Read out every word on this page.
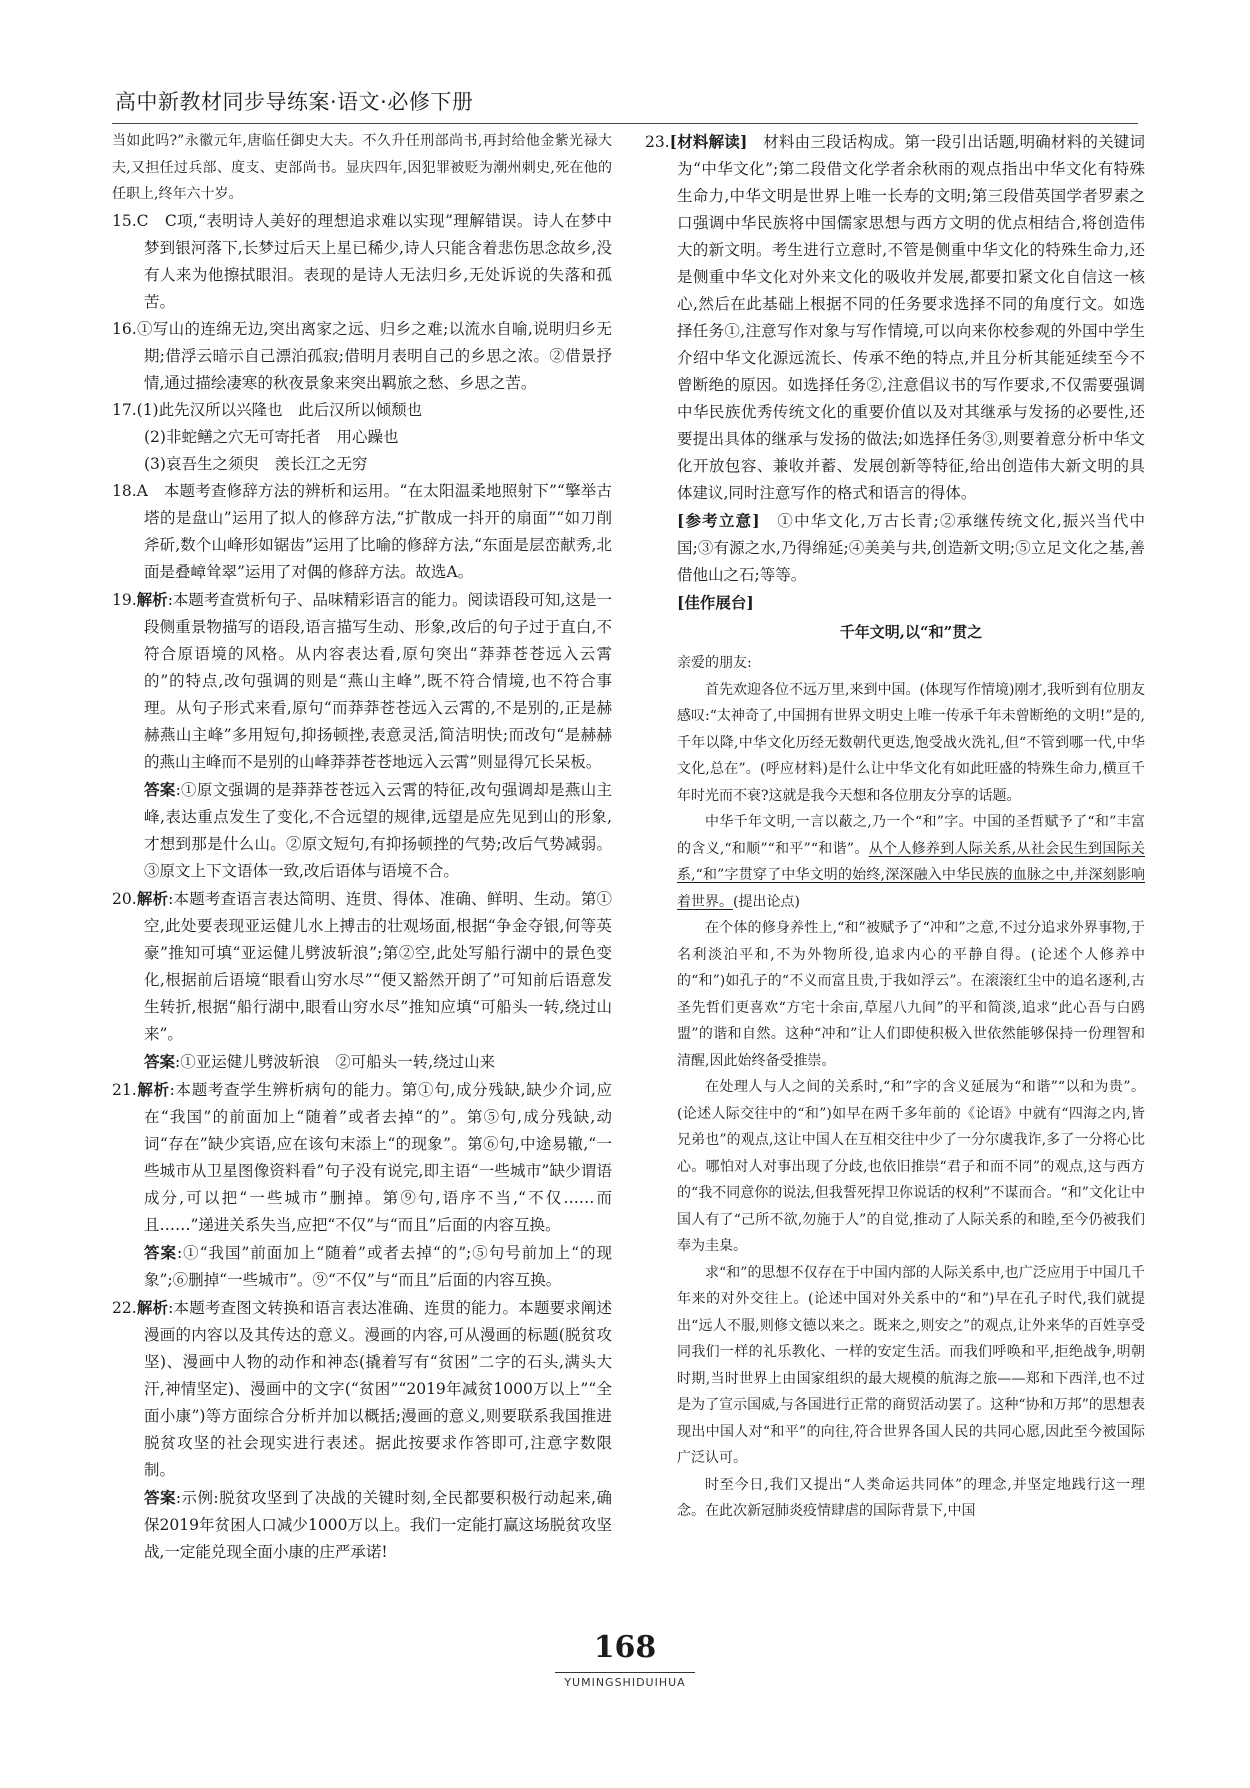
高中新教材同步导练案·语文·必修下册

当如此吗?”永徽元年,唐临任御史大夫。不久升任刑部尚书,再封给他金紫光禄大夫,又担任过兵部、度支、吏部尚书。显庆四年,因犯罪被贬为潮州刺史,死在他的任职上,终年六十岁。

15.C　C项,“表明诗人美好的理想追求难以实现”理解错误。诗人在梦中梦到银河落下,长梦过后天上星已稀少,诗人只能含着悲伤思念故乡,没有人来为他擦拭眼泪。表现的是诗人无法归乡,无处诉说的失落和孤苦。

16.①写山的连绵无边,突出离家之远、归乡之难;以流水自喻,说明归乡无期;借浮云暗示自己漂泊孤寂;借明月表明自己的乡思之浓。②借景抒情,通过描绘凄寒的秋夜景象来突出羁旅之愁、乡思之苦。

17.(1)此先汉所以兴隆也　此后汉所以倾颓也

(2)非蛇鳝之穴无可寄托者　用心躁也

(3)哀吾生之须臾　羡长江之无穷

18.A　本题考查修辞方法的辨析和运用。“在太阳温柔地照射下”“擎举古塔的是盘山”运用了拟人的修辞方法,“扩散成一抖开的扇面”“如刀削斧斫,数个山峰形如锯齿”运用了比喻的修辞方法,“东面是层峦献秀,北面是叠嶂耸翠”运用了对偶的修辞方法。故选A。

19.解析:本题考查赏析句子、品味精彩语言的能力。阅读语段可知,这是一段侧重景物描写的语段,语言描写生动、形象,改后的句子过于直白,不符合原语境的风格。从内容表达看,原句突出“莽莽苍苍远入云霄的”的特点,改句强调的则是“燕山主峰”,既不符合情境,也不符合事理。从句子形式来看,原句“而莽莽苍苍远入云霄的,不是别的,正是赫赫燕山主峰”多用短句,抑扬顿挫,表意灵活,简洁明快;而改句“是赫赫的燕山主峰而不是别的山峰莽莽苍苍地远入云霄”则显得冗长呆板。

答案:①原文强调的是莽莽苍苍远入云霄的特征,改句强调却是燕山主峰,表达重点发生了变化,不合远望的规律,远望是应先见到山的形象,才想到那是什么山。②原文短句,有抑扬顿挫的气势;改后气势减弱。③原文上下文语体一致,改后语体与语境不合。

20.解析:本题考查语言表达简明、连贯、得体、准确、鲜明、生动。第①空,此处要表现亚运健儿水上搏击的壮观场面,根据“争金夺银,何等英豪”推知可填“亚运健儿劈波斩浪”;第②空,此处写船行湖中的景色变化,根据前后语境“眼看山穷水尽”“便又豁然开朗了”可知前后语意发生转折,根据“船行湖中,眼看山穷水尽”推知应填“可船头一转,绕过山来”。

答案:①亚运健儿劈波斩浪　②可船头一转,绕过山来

21.解析:本题考查学生辨析病句的能力。第①句,成分残缺,缺少介词,应在“我国”的前面加上“随着”或者去掉“的”。第⑤句,成分残缺,动词“存在”缺少宾语,应在该句末添上“的现象”。第⑥句,中途易辙,“一些城市从卫星图像资料看”句子没有说完,即主语“一些城市”缺少谓语成分,可以把“一些城市”删掉。第⑨句,语序不当,“不仅……而且……”递进关系失当,应把“不仅”与“而且”后面的内容互换。

答案:①“我国”前面加上“随着”或者去掉“的”;⑤句号前加上“的现象”;⑥删掉“一些城市”。⑨“不仅”与“而且”后面的内容互换。

22.解析:本题考查图文转换和语言表达准确、连贯的能力。本题要求阐述漫画的内容以及其传达的意义。漫画的内容,可从漫画的标题(脱贫攻坚)、漫画中人物的动作和神态(撬着写有“贫困”二字的石头,满头大汗,神情坚定)、漫画中的文字(“贫困”“2019年减贫1000万以上”“全面小康”)等方面综合分析并加以概括;漫画的意义,则要联系我国推进脱贫攻坚的社会现实进行表述。据此按要求作答即可,注意字数限制。

答案:示例:脱贫攻坚到了决战的关键时刻,全民都要积极行动起来,确保2019年贫困人口减少1000万以上。我们一定能打赢这场脱贫攻坚战,一定能兑现全面小康的庄严承诺!

23.[材料解读]　材料由三段话构成。第一段引出话题,明确材料的关键词为“中华文化”;第二段借文化学者余秋雨的观点指出中华文化有特殊生命力,中华文明是世界上唯一长寿的文明;第三段借英国学者罗素之口强调中华民族将中国儒家思想与西方文明的优点相结合,将创造伟大的新文明。考生进行立意时,不管是侧重中华文化的特殊生命力,还是侧重中华文化对外来文化的吸收并发展,都要扣紧文化自信这一核心,然后在此基础上根据不同的任务要求选择不同的角度行文。如选择任务①,注意写作对象与写作情境,可以向来你校参观的外国中学生介绍中华文化源远流长、传承不绝的特点,并且分析其能延续至今不曾断绝的原因。如选择任务②,注意倡议书的写作要求,不仅需要强调中华民族优秀传统文化的重要价值以及对其继承与发扬的必要性,还要提出具体的继承与发扬的做法;如选择任务③,则要着意分析中华文化开放包容、兼收并蓄、发展创新等特征,给出创造伟大新文明的具体建议,同时注意写作的格式和语言的得体。

[参考立意]　①中华文化,万古长青;②承继传统文化,振兴当代中国;③有源之水,乃得绵延;④美美与共,创造新文明;⑤立足文化之基,善借他山之石;等等。

[佳作展台]

千年文明,以“和”贯之

亲爱的朋友:

首先欢迎各位不远万里,来到中国。(体现写作情境)刚才,我听到有位朋友感叹:“太神奇了,中国拥有世界文明史上唯一传承千年未曾断绝的文明!”是的,千年以降,中华文化历经无数朝代更迭,饱受战火洗礼,但“不管到哪一代,中华文化,总在”。(呼应材料)是什么让中华文化有如此旺盛的特殊生命力,横亘千年时光而不衰?这就是我今天想和各位朋友分享的话题。

中华千年文明,一言以蔽之,乃一个“和”字。中国的圣哲赋予了“和”丰富的含义,“和顺”“和平”“和谐”。从个人修养到人际关系,从社会民生到国际关系,“和”字贯穿了中华文明的始终,深深融入中华民族的血脉之中,并深刻影响着世界。(提出论点)

在个体的修身养性上,“和”被赋予了“冲和”之意,不过分追求外界事物,于名利淡泊平和,不为外物所役,追求内心的平静自得。(论述个人修养中的“和”)如孔子的“不义而富且贵,于我如浮云”。在滚滚红尘中的追名逐利,古圣先哲们更喜欢“方宅十余亩,草屋八九间”的平和简淡,追求“此心吾与白鸥盟”的谐和自然。这种“冲和”让人们即使积极入世依然能够保持一份理智和清醒,因此始终备受推崇。

在处理人与人之间的关系时,“和”字的含义延展为“和谐”“以和为贵”。(论述人际交往中的“和”)如早在两千多年前的《论语》中就有“四海之内,皆兄弟也”的观点,这让中国人在互相交往中少了一分尔虞我诈,多了一分将心比心。哪怕对人对事出现了分歧,也依旧推崇“君子和而不同”的观点,这与西方的“我不同意你的说法,但我誓死捍卫你说话的权利”不谋而合。“和”文化让中国人有了“己所不欲,勿施于人”的自觉,推动了人际关系的和睦,至今仍被我们奉为圭臬。

求“和”的思想不仅存在于中国内部的人际关系中,也广泛应用于中国几千年来的对外交往上。(论述中国对外关系中的“和”)早在孔子时代,我们就提出“远人不服,则修文德以来之。既来之,则安之”的观点,让外来华的百姓享受同我们一样的礼乐教化、一样的安定生活。而我们呼唤和平,拒绝战争,明朝时期,当时世界上由国家组织的最大规模的航海之旅——郑和下西洋,也不过是为了宣示国威,与各国进行正常的商贸活动罢了。这种“协和万邦”的思想表现出中国人对“和平”的向往,符合世界各国人民的共同心愿,因此至今被国际广泛认可。

时至今日,我们又提出“人类命运共同体”的理念,并坚定地践行这一理念。在此次新冠肺炎疫情肆虐的国际背景下,中国

168
YUMINGSHIDUIHUA
